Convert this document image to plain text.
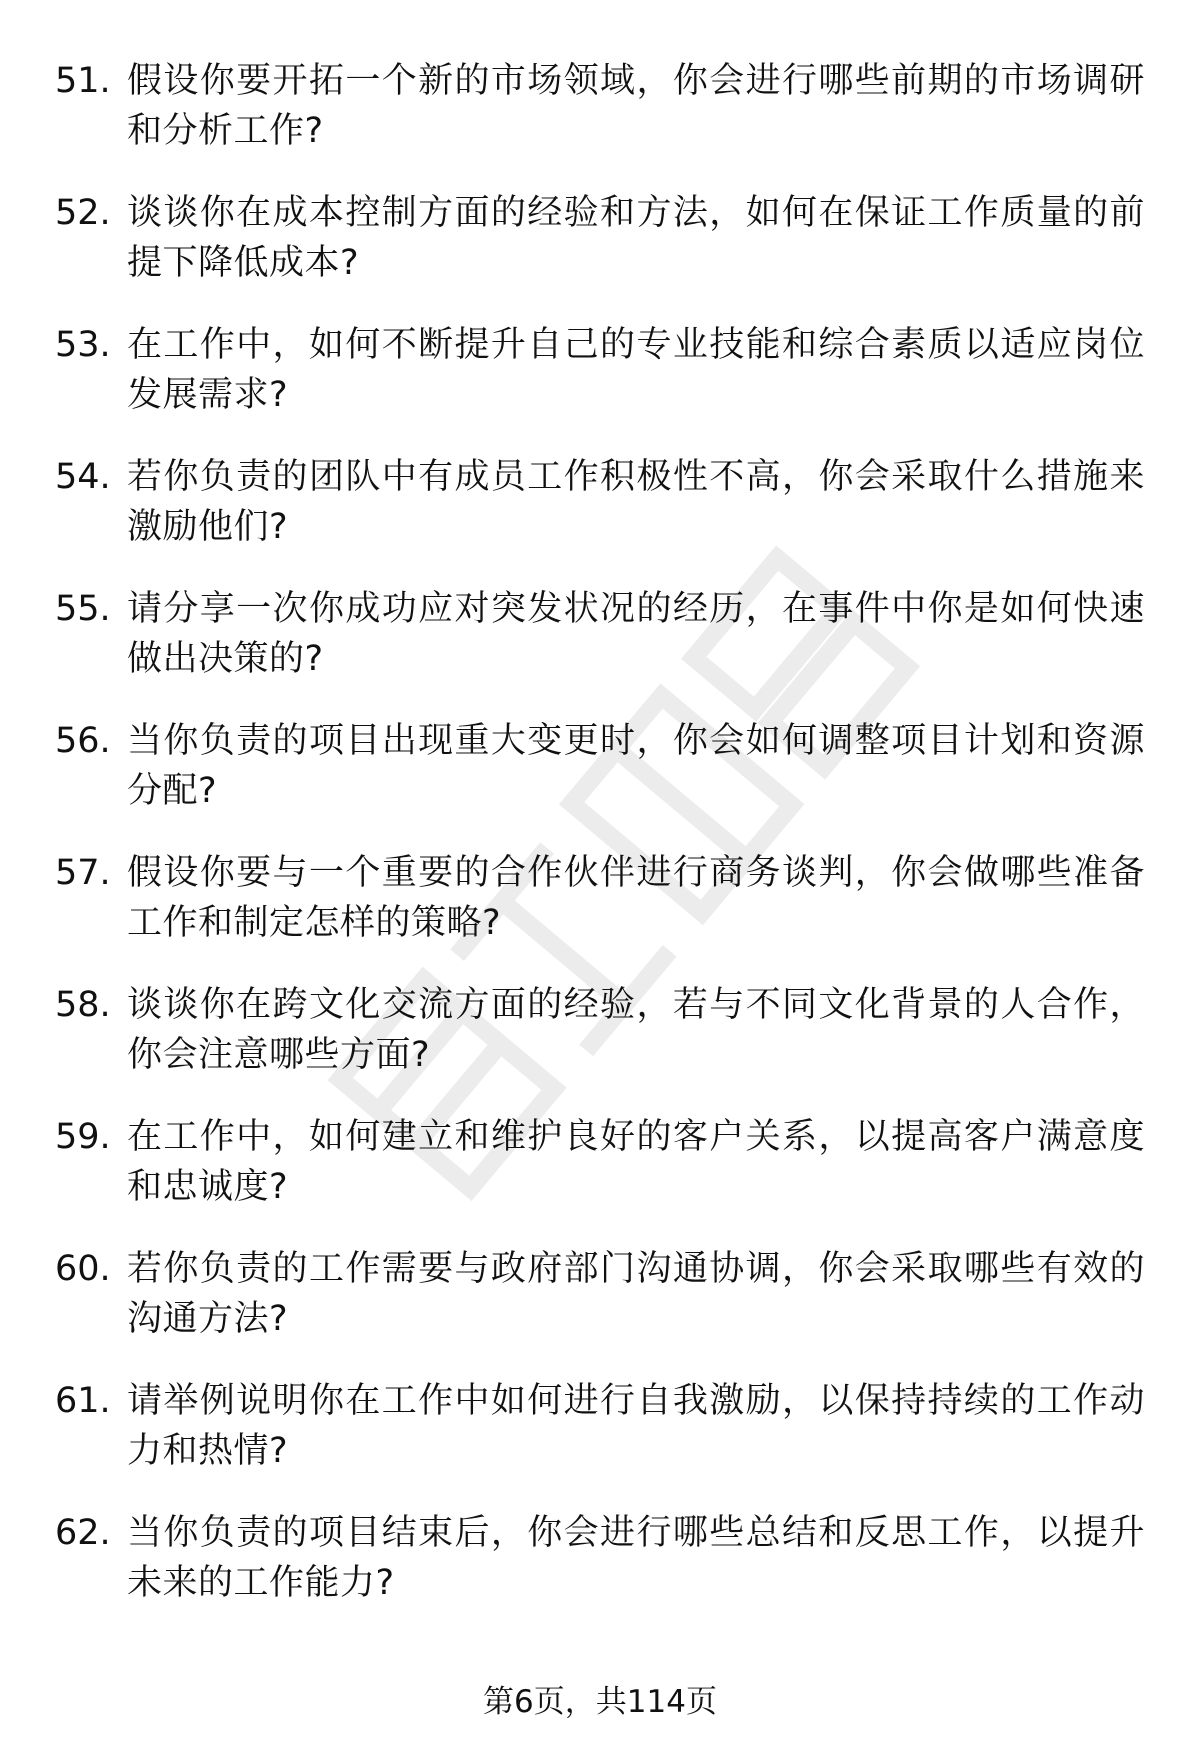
51. 假设你要开拓一个新的市场领域，你会进行哪些前期的市场调研和分析工作?
52. 谈谈你在成本控制方面的经验和方法，如何在保证工作质量的前提下降低成本?
53. 在工作中，如何不断提升自己的专业技能和综合素质以适应岗位发展需求?
54. 若你负责的团队中有成员工作积极性不高，你会采取什么措施来激励他们?
55. 请分享一次你成功应对突发状况的经历，在事件中你是如何快速做出决策的?
56. 当你负责的项目出现重大变更时，你会如何调整项目计划和资源分配?
57. 假设你要与一个重要的合作伙伴进行商务谈判，你会做哪些准备工作和制定怎样的策略?
58. 谈谈你在跨文化交流方面的经验，若与不同文化背景的人合作，你会注意哪些方面?
59. 在工作中，如何建立和维护良好的客户关系，以提高客户满意度和忠诚度?
60. 若你负责的工作需要与政府部门沟通协调，你会采取哪些有效的沟通方法?
61. 请举例说明你在工作中如何进行自我激励，以保持持续的工作动力和热情?
62. 当你负责的项目结束后，你会进行哪些总结和反思工作，以提升未来的工作能力?
第6页，共114页
